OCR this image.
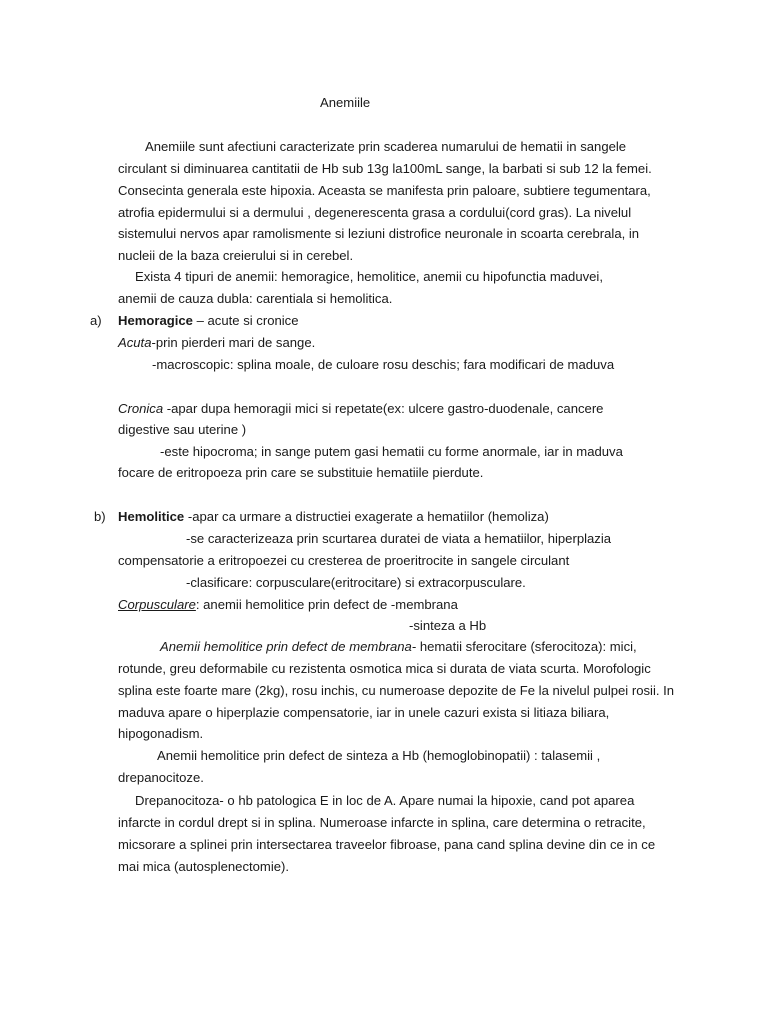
Anemiile
Anemiile sunt afectiuni caracterizate prin scaderea numarului de hematii in sangele
circulant si diminuarea cantitatii de Hb sub 13g la100mL sange, la barbati si sub 12 la femei.
Consecinta generala este hipoxia. Aceasta se manifesta prin paloare, subtiere tegumentara,
atrofia epidermului si a dermului , degenerescenta grasa a cordului(cord gras). La nivelul
sistemului nervos apar ramolismente si leziuni distrofice neuronale in scoarta cerebrala, in
nucleii de la baza creierului si in cerebel.
Exista 4 tipuri de anemii: hemoragice, hemolitice, anemii cu hipofunctia maduvei,
anemii de cauza dubla: carentiala si hemolitica.
a) Hemoragice – acute si cronice
Acuta-prin pierderi mari de sange.
-macroscopic: splina moale, de culoare rosu deschis; fara modificari de maduva
Cronica -apar dupa hemoragii mici si repetate(ex: ulcere gastro-duodenale, cancere
digestive sau uterine )
-este hipocroma; in sange putem gasi hematii cu forme anormale, iar in maduva
focare de eritropoeza prin care se substituie hematiile pierdute.
b) Hemolitice -apar ca urmare a distructiei exagerate a hematiilor (hemoliza)
-se caracterizeaza prin scurtarea duratei de viata a hematiilor, hiperplazia
compensatorie a eritropoezei cu cresterea de proeritrocite in sangele circulant
-clasificare: corpusculare(eritrocitare) si extracorpusculare.
Corpusculare: anemii hemolitice prin defect de -membrana
-sinteza a Hb
Anemii hemolitice prin defect de membrana- hematii sferocitare (sferocitoza): mici,
rotunde, greu deformabile cu rezistenta osmotica mica si durata de viata scurta. Morofologic
splina este foarte mare (2kg), rosu inchis, cu numeroase depozite de Fe la nivelul pulpei rosii. In
maduva apare o hiperplazie compensatorie, iar in unele cazuri exista si litiaza biliara,
hipogonadism.
Anemii hemolitice prin defect de sinteza a Hb (hemoglobinopatii) : talasemii ,
drepanocitoze.
Drepanocitoza- o hb patologica E in loc de A. Apare numai la hipoxie, cand pot aparea
infarcte in cordul drept si in splina. Numeroase infarcte in splina, care determina o retracite,
micsorare a splinei prin intersectarea traveelor fibroase, pana cand splina devine din ce in ce
mai mica (autosplenectomie).
